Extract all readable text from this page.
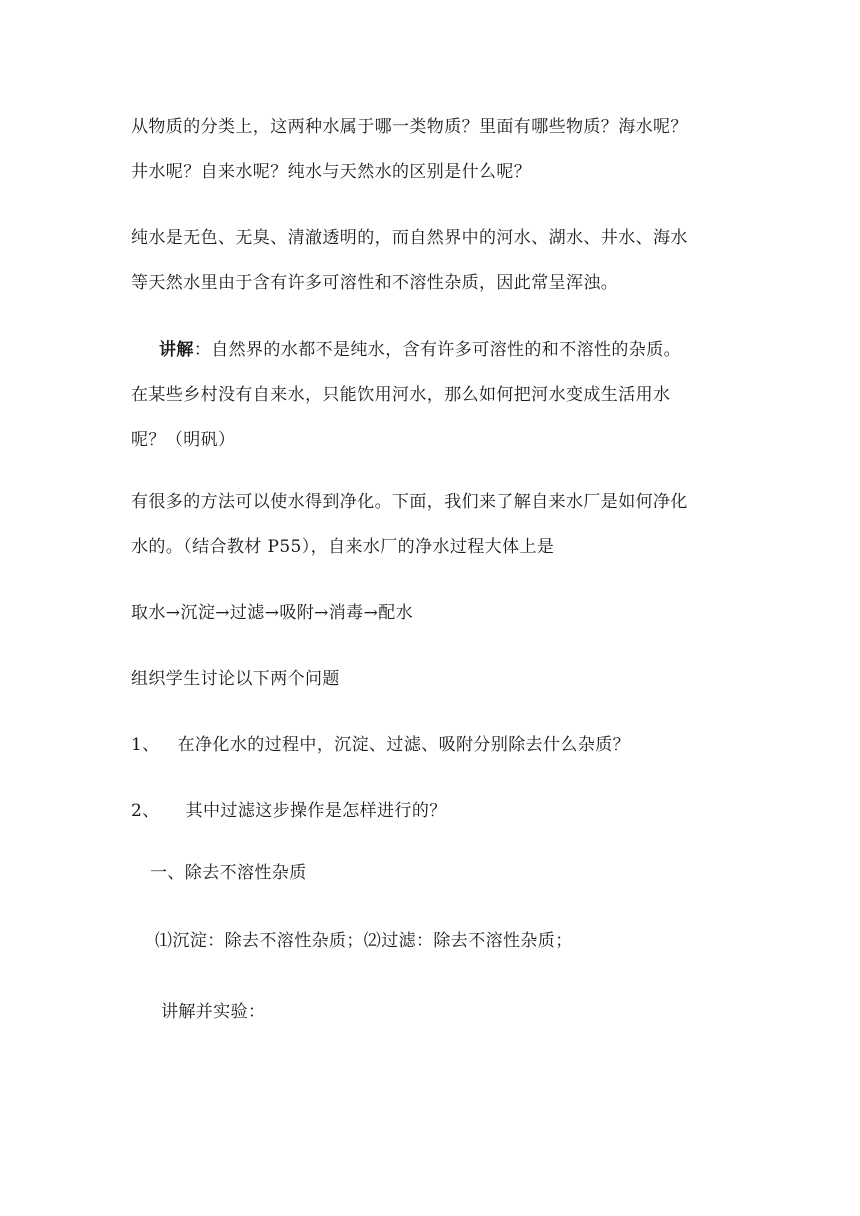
从物质的分类上，这两种水属于哪一类物质？里面有哪些物质？海水呢？
井水呢？自来水呢？纯水与天然水的区别是什么呢？
纯水是无色、无臭、清澈透明的，而自然界中的河水、湖水、井水、海水
等天然水里由于含有许多可溶性和不溶性杂质，因此常呈浑浊。
讲解：自然界的水都不是纯水，含有许多可溶性的和不溶性的杂质。
在某些乡村没有自来水，只能饮用河水，那么如何把河水变成生活用水
呢？（明矾）
有很多的方法可以使水得到净化。下面，我们来了解自来水厂是如何净化
水的。（结合教材 P55），自来水厂的净水过程大体上是
取水→沉淀→过滤→吸附→消毒→配水
组织学生讨论以下两个问题
1、 在净化水的过程中，沉淀、过滤、吸附分别除去什么杂质？
2、 其中过滤这步操作是怎样进行的？
一、除去不溶性杂质
⑴沉淀：除去不溶性杂质；⑵过滤：除去不溶性杂质；
讲解并实验：
